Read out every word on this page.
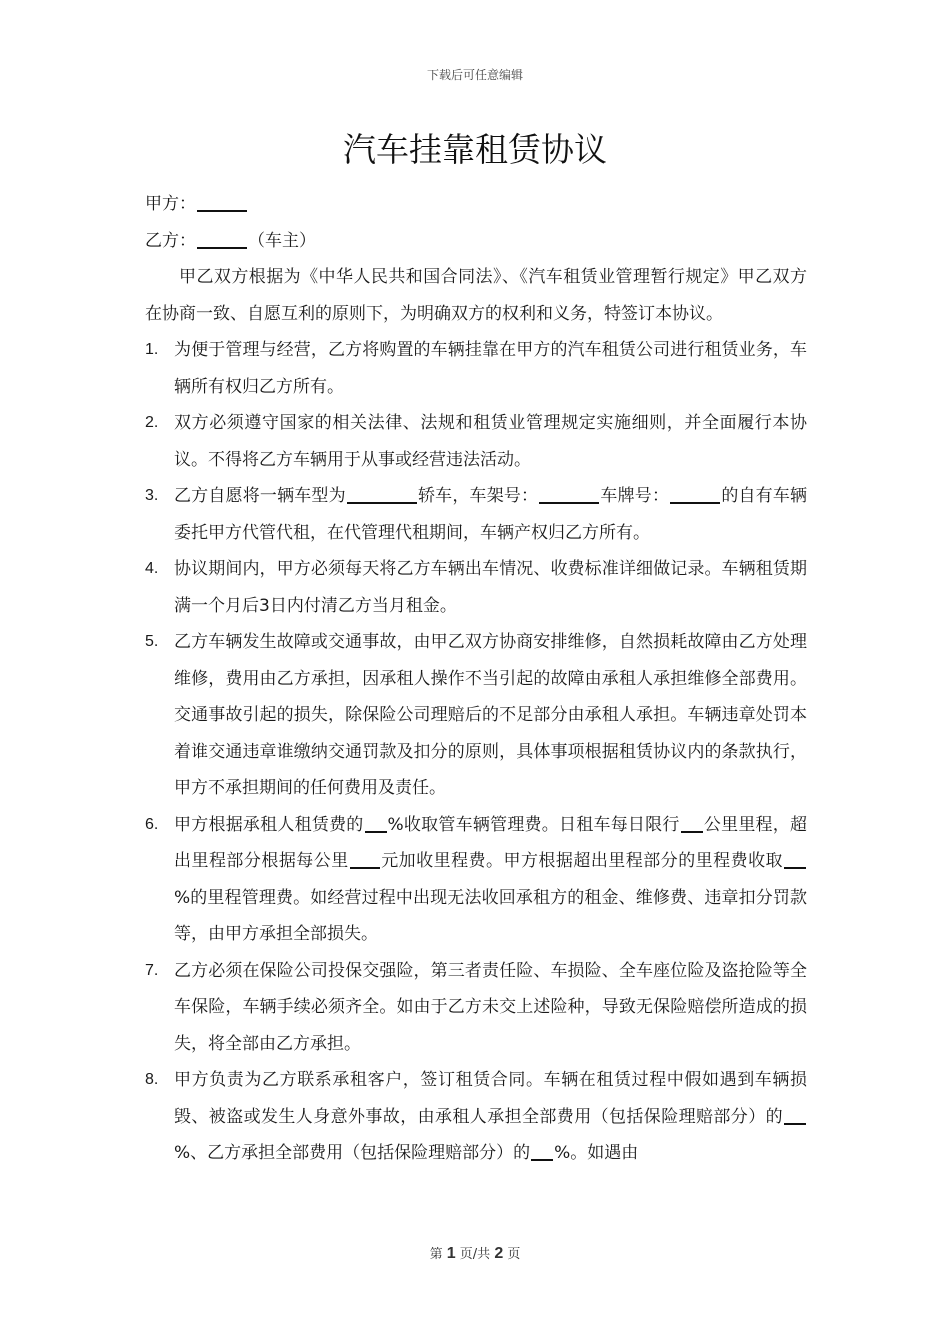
下载后可任意编辑
汽车挂靠租赁协议
甲方：
乙方：	（车主）
甲乙双方根据为《中华人民共和国合同法》、《汽车租赁业管理暂行规定》甲乙双方在协商一致、自愿互利的原则下，为明确双方的权利和义务，特签订本协议。
1. 为便于管理与经营，乙方将购置的车辆挂靠在甲方的汽车租赁公司进行租赁业务，车辆所有权归乙方所有。
2. 双方必须遵守国家的相关法律、法规和租赁业管理规定实施细则，并全面履行本协议。不得将乙方车辆用于从事或经营违法活动。
3. 乙方自愿将一辆车型为	轿车，车架号：	车牌号：	的自有车辆委托甲方代管代租，在代管理代租期间，车辆产权归乙方所有。
4. 协议期间内，甲方必须每天将乙方车辆出车情况、收费标准详细做记录。车辆租赁期满一个月后3日内付清乙方当月租金。
5. 乙方车辆发生故障或交通事故，由甲乙双方协商安排维修，自然损耗故障由乙方处理维修，费用由乙方承担，因承租人操作不当引起的故障由承租人承担维修全部费用。交通事故引起的损失，除保险公司理赔后的不足部分由承租人承担。车辆违章处罚本着谁交通违章谁缴纳交通罚款及扣分的原则，具体事项根据租赁协议内的条款执行，甲方不承担期间的任何费用及责任。
6. 甲方根据承租人租赁费的 %收取管车辆管理费。日租车每日限行 公里里程，超出里程部分根据每公里 元加收里程费。甲方根据超出里程部分的里程费收取%的里程管理费。如经营过程中出现无法收回承租方的租金、维修费、违章扣分罚款等，由甲方承担全部损失。
7. 乙方必须在保险公司投保交强险，第三者责任险、车损险、全车座位险及盗抢险等全车保险，车辆手续必须齐全。如由于乙方未交上述险种，导致无保险赔偿所造成的损失，将全部由乙方承担。
8. 甲方负责为乙方联系承租客户，签订租赁合同。车辆在租赁过程中假如遇到车辆损毁、被盗或发生人身意外事故，由承租人承担全部费用（包括保险理赔部分）的%、乙方承担全部费用（包括保险理赔部分）的 %。如遇由
第 1 页/共 2 页
